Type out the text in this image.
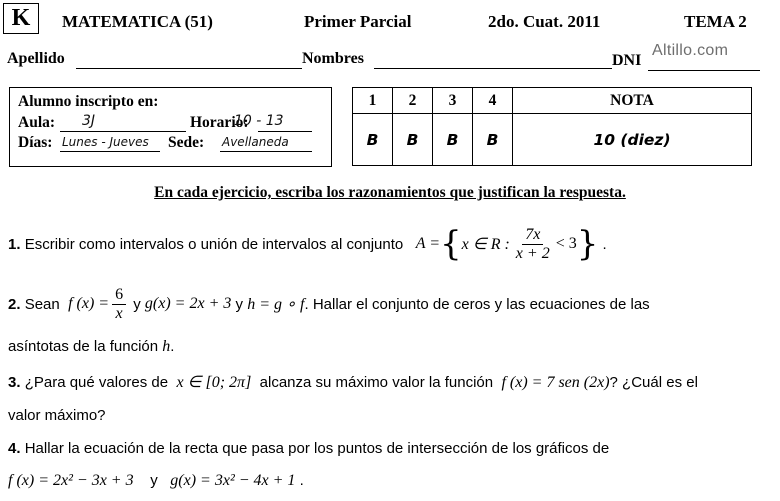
K MATEMATICA (51)	Primer Parcial	2do. Cuat. 2011	TEMA 2
Apellido	Nombres	DNI
Altillo.com
Alumno inscripto en:
Aula: 3J	Horario:
10 - 13
Días: Lunes - Jueves Sede: Avellaneda
1	2	3	4	NOTA
B	B	B	B	10 (diez)
En cada ejercicio, escriba los razonamientos que justifican la respuesta.
1.
Escribir como intervalos o unión de intervalos al conjunto
A = { x ∈ R : $\frac{7x}{x + 2} < 3$ }
.
2.
Sean
f $(x) = \frac{6}{x}$
y
g(x) = 2x + 3
y
h = g ∘ f . Hallar el conjunto de ceros y las ecuaciones de las
asíntotas de la función h.
3. ¿Para qué valores de x ∈ [0; 2π] alcanza su máximo valor la función f (x) = 7 sen (2x)? ¿Cuál es el
valor máximo?
4. Hallar la ecuación de la recta que pasa por los puntos de intersección de los gráficos de
f (x) = 2x² − 3x + 3 y g(x) = 3x² − 4x + 1 .
